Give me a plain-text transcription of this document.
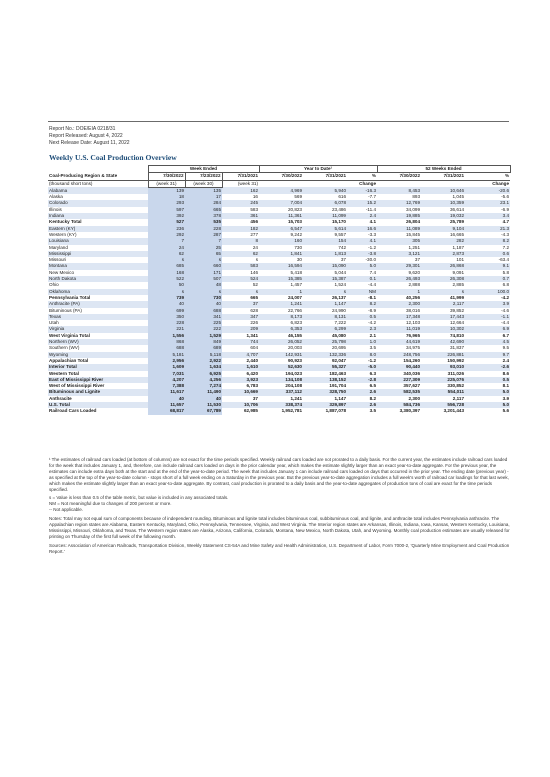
Report No.: DOE/EIA 0218/31
Report Released: August 4, 2022
Next Release Date: August 11, 2022
Weekly U.S. Coal Production Overview
	Week Ended			Year to Date¹			52 Weeks Ended		
Coal-Producing Region & State	7/30/2022	7/23/2022	7/31/2021	7/30/2022	7/31/2021	%	7/30/2022	7/31/2021	%
(thousand short tons)	(week 31)	(week 30)	(week 31)			Change			Change
Alabama	139	135	162	4,969	5,940	-16.3	8,453	10,646	-20.6
Alaska	18	17	16	569	616	-7.7	893	1,045	-5.6
Colorado	293	284	245	7,004	6,078	15.2	12,769	10,359	23.1
Illinois	597	665	583	20,823	23,486	-11.4	34,099	36,614	-6.9
Indiana	392	378	361	11,361	11,099	2.4	19,885	19,032	3.4
Kentucky Total	527	535	456	15,703	15,170	4.1	26,804	25,789	4.7
Eastern (KY)	236	228	182	6,547	5,614	16.6	11,089	9,104	21.3
Western (KY)	292	287	277	9,242	9,557	-3.3	15,845	16,665	-4.3
Louisiana	7	7	8	160	154	4.1	305	282	8.2
Maryland	24	25	24	730	742	-1.2	1,251	1,187	7.2
Mississippi	62	65	62	1,841	1,813	-3.8	3,121	2,873	0.6
Missouri	s	s	s	30	37	-30.0	37	101	-63.4
Montana	685	660	583	16,594	15,090	5.0	29,301	26,868	9.1
New Mexico	168	171	146	5,418	5,044	7.4	9,620	9,091	5.8
North Dakota	522	507	524	15,385	15,387	0.1	26,493	26,308	0.7
Ohio	50	48	52	1,457	1,524	-4.4	2,888	2,885	6.8
Oklahoma	s	s	s	1	s	NM	1	s	100.0
Pennsylvania Total	739	730	665	24,007	26,137	-8.1	40,256	41,999	-4.2
Anthracite (PA)	40	40	37	1,241	1,147	8.2	2,300	2,117	3.9
Bituminous (PA)	699	688	628	22,766	24,990	-8.9	38,016	39,852	-4.6
Texas	350	341	347	8,173	8,131	0.5	17,348	17,443	-1.1
Utah	228	225	226	6,823	7,222	-4.2	12,103	12,664	-4.4
Virginia	221	222	209	6,353	6,299	2.3	11,019	10,302	6.9
West Virginia Total	1,556	1,529	1,341	46,155	45,080	2.1	76,965	74,810	6.7
Northern (WV)	868	849	744	26,052	25,798	1.0	44,619	42,690	4.5
Southern (WV)	688	689	604	20,003	20,695	3.5	34,975	31,837	9.5
Wyoming	5,181	5,118	4,707	142,931	132,336	8.0	248,756	226,881	9.7
Appalachian Total	2,956	2,922	2,440	90,923	92,047	-1.2	154,260	150,992	2.4
Interior Total	1,609	1,634	1,610	52,630	55,327	-5.0	90,440	93,010	-2.6
Western Total	7,031	6,925	6,420	194,023	182,463	6.3	340,036	311,026	8.6
East of Mississippi River	4,207	4,256	3,923	134,108	138,152	-2.8	227,309	225,076	0.5
West of Mississippi River	7,388	7,274	6,783	204,108	191,704	6.5	357,627	330,852	8.1
Bituminous and Lignite	11,617	11,490	10,669	337,112	328,750	2.6	582,535	554,011	5.0
Anthracite	40	40	37	1,241	1,147	8.2	2,300	2,117	3.9
U.S. Total	11,657	11,530	10,706	338,374	329,897	2.6	584,736	556,728	5.0
Railroad Cars Loaded	68,817	67,789	62,985	1,952,781	1,887,078	3.5	3,380,397	3,201,443	5.6

¹ The estimates of railroad cars loaded (at bottom of columns) are not exact for the time periods specified. Weekly railroad cars loaded are not prorated to a daily basis. For the current year, the estimates include railroad cars loaded for the week that includes January 1, and, therefore, can include railroad cars loaded on days in the prior calendar year, which makes the estimate slightly larger than an exact year-to-date aggregate. For the previous year, the estimates can include extra days both at the start and at the end of the year-to-date period. The week that includes January 1 can include railroad cars loaded on days that occurred in the prior year. The ending date (previous year) - as specified at the top of the year-to-date column - stops short of a full week ending on a Saturday in the previous year. But the previous year-to-date aggregation includes a full week's worth of railroad car loadings for that last week, which makes the estimate slightly larger than an exact year-to-date aggregate. By contrast, coal production is prorated to a daily basis and the year-to-date aggregates of production tons of coal are exact for the time periods specified.

s = Value is less than 0.5 of the table metric, but value is included in any associated totals.

NM = Not meaningful due to changes of 200 percent or more.

-- Not applicable.

Notes: Total may not equal sum of components because of independent rounding. Bituminous and lignite total includes bituminous coal, subbituminous coal, and lignite, and anthracite total includes Pennsylvania anthracite. The Appalachian region states are Alabama, Eastern Kentucky, Maryland, Ohio, Pennsylvania, Tennessee, Virginia, and West Virginia. The Interior region states are Arkansas, Illinois, Indiana, Iowa, Kansas, Western Kentucky, Louisiana, Mississippi, Missouri, Oklahoma, and Texas. The Western region states are Alaska, Arizona, California, Colorado, Montana, New Mexico, North Dakota, Utah, and Wyoming. Monthly coal production estimates are usually released for printing on Thursday of the first full week of the following month.

Sources: Association of American Railroads, Transportation Division, Weekly Statement CS-54A and Mine Safety and Health Administration, U.S. Department of Labor, Form 7000-2, 'Quarterly Mine Employment and Coal Production Report.'
